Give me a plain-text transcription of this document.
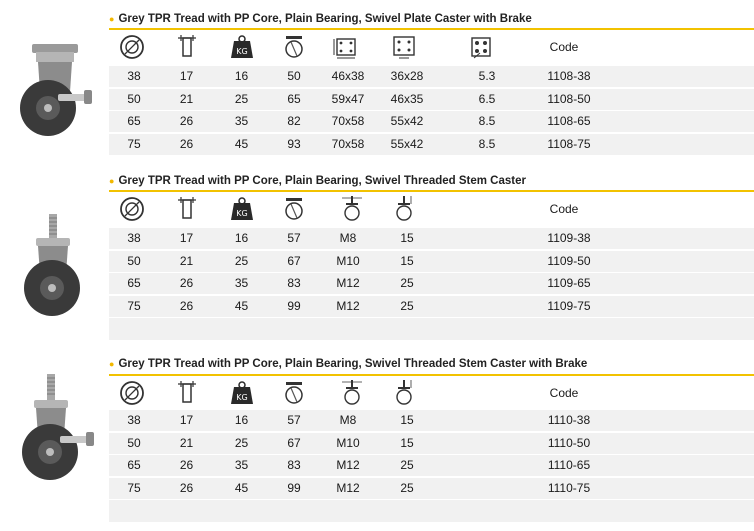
● Grey TPR Tread with PP Core, Plain Bearing, Swivel Plate Caster with Brake
KG	Code
38	17	16	50	46x38	36x28	5.3	1108-38
50	21	25	65	59x47	46x35	6.5	1108-50
65	26	35	82	70x58	55x42	8.5	1108-65
75	26	45	93	70x58	55x42	8.5	1108-75
● Grey TPR Tread with PP Core, Plain Bearing, Swivel Threaded Stem Caster
KG	Code
38	17	16	57	M8	15	1109-38
50	21	25	67	M10	15	1109-50
65	26	35	83	M12	25	1109-65
75	26	45	99	M12	25	1109-75
● Grey TPR Tread with PP Core, Plain Bearing, Swivel Threaded Stem Caster with Brake
KG	Code
38	17	16	57	M8	15	1110-38
50	21	25	67	M10	15	1110-50
65	26	35	83	M12	25	1110-65
75	26	45	99	M12	25	1110-75
